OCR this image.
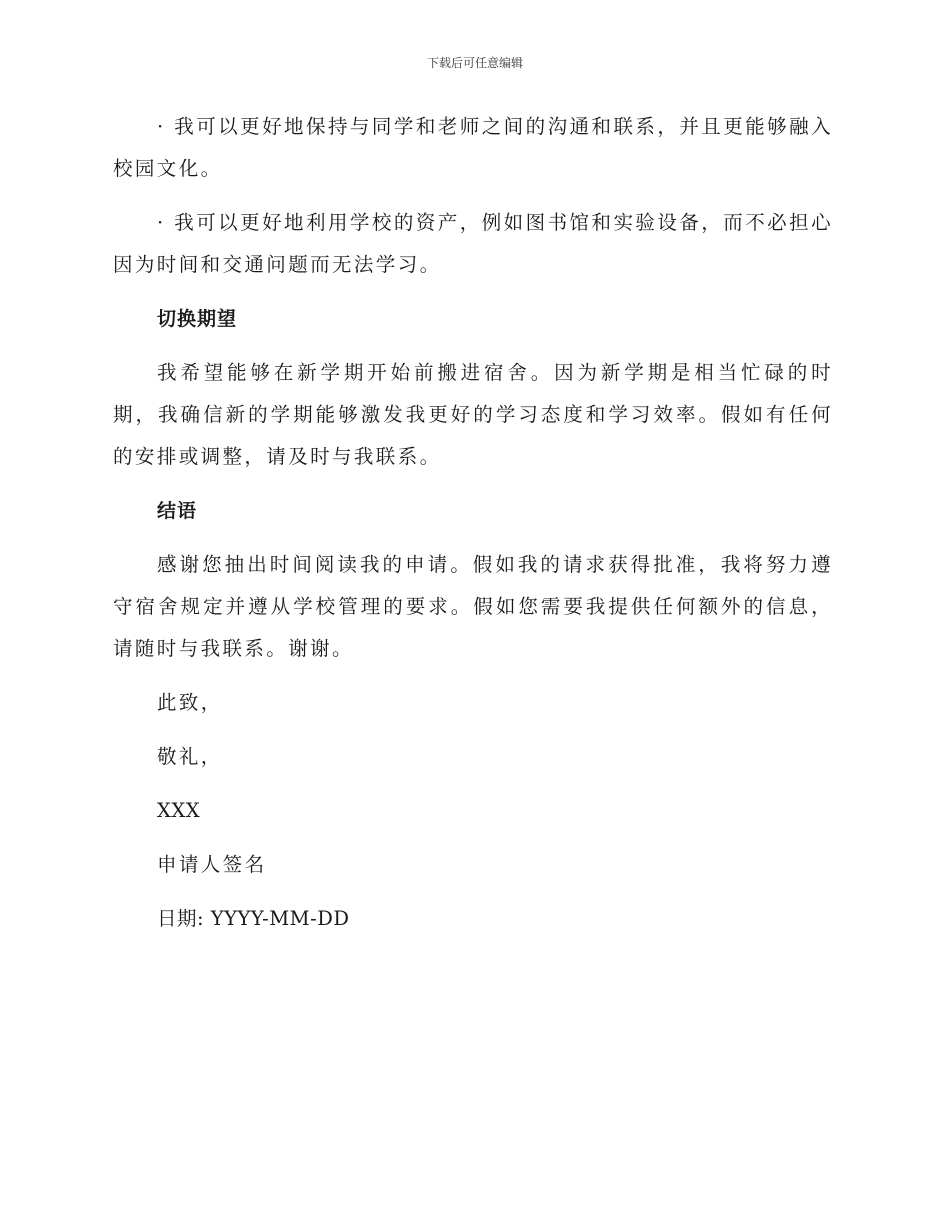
下载后可任意编辑

· 我可以更好地保持与同学和老师之间的沟通和联系，并且更能够融入校园文化。

· 我可以更好地利用学校的资产，例如图书馆和实验设备，而不必担心因为时间和交通问题而无法学习。

切换期望

我希望能够在新学期开始前搬进宿舍。因为新学期是相当忙碌的时期，我确信新的学期能够激发我更好的学习态度和学习效率。假如有任何的安排或调整，请及时与我联系。

结语

感谢您抽出时间阅读我的申请。假如我的请求获得批准，我将努力遵守宿舍规定并遵从学校管理的要求。假如您需要我提供任何额外的信息，请随时与我联系。谢谢。

此致，

敬礼，

XXX

申请人签名

日期: YYYY-MM-DD
